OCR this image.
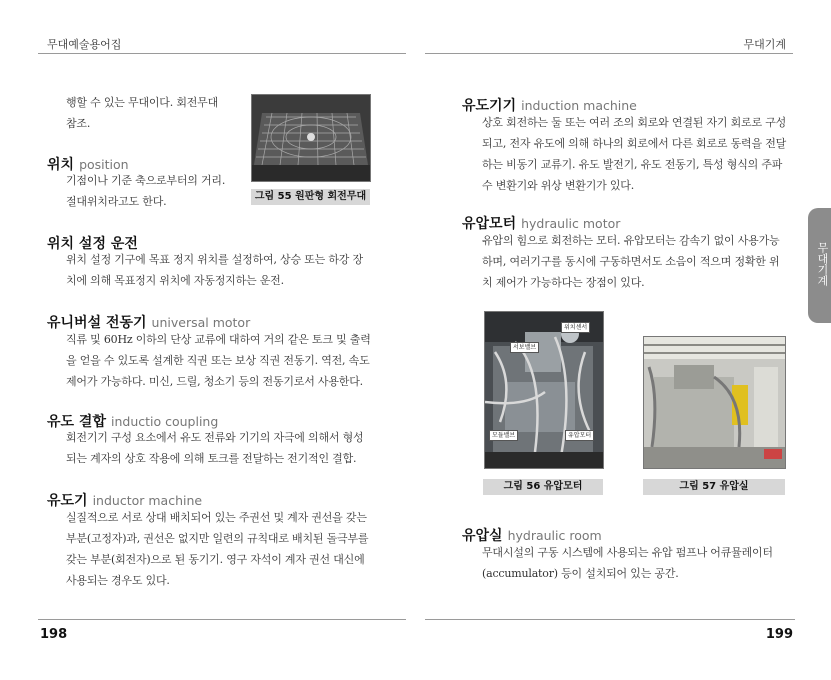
무대예술용어집	무대기계
무대기계
행할 수 있는 무대이다. 회전무대
참조.
그림 55 원판형 회전무대
위치 position
기점이나 기준 축으로부터의 거리.
절대위치라고도 한다.
위치 설정 운전
위치 설정 기구에 목표 정지 위치를 설정하여, 상승 또는 하강 장
치에 의해 목표정지 위치에 자동정지하는 운전.
유니버설 전동기 universal motor
직류 및 60Hz 이하의 단상 교류에 대하여 거의 같은 토크 및 출력
을 얻을 수 있도록 설계한 직권 또는 보상 직권 전동기. 역전, 속도
제어가 가능하다. 미신, 드릴, 청소기 등의 전동기로서 사용한다.
유도 결합 inductio coupling
회전기기 구성 요소에서 유도 전류와 기기의 자극에 의해서 형성
되는 계자의 상호 작용에 의해 토크를 전달하는 전기적인 결합.
유도기 inductor machine
실질적으로 서로 상대 배치되어 있는 주권선 및 계자 권선을 갖는
부분(고정자)과, 권선은 없지만 일련의 규칙대로 배치된 돌극부를
갖는 부분(회전자)으로 된 동기기. 영구 자석이 계자 권선 대신에
사용되는 경우도 있다.
유도기기 induction machine
상호 회전하는 둘 또는 여러 조의 회로와 연결된 자기 회로로 구성
되고, 전자 유도에 의해 하나의 회로에서 다른 회로로 동력을 전달
하는 비동기 교류기. 유도 발전기, 유도 전동기, 특성 형식의 주파
수 변환기와 위상 변환기가 있다.
유압모터 hydraulic motor
유압의 힘으로 회전하는 모터. 유압모터는 감속기 없이 사용가능
하며, 여러기구를 동시에 구동하면서도 소음이 적으며 정확한 위
치 제어가 가능하다는 장점이 있다.
위치센서
서보밸브
모듈밸브	유압모터
그림 56 유압모터	그림 57 유압실
유압실 hydraulic room
무대시설의 구동 시스템에 사용되는 유압 펌프나 어큐뮬레이터
(accumulator) 등이 설치되어 있는 공간.
198	199
